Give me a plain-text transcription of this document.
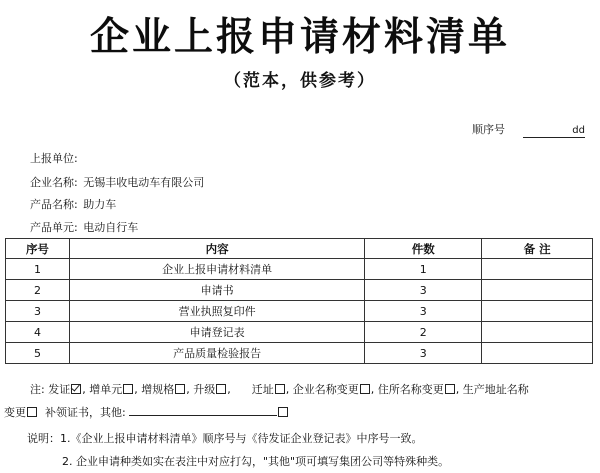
企业上报申请材料清单
（范本，供参考）
顺序号	dd
上报单位:
企业名称: 无锡丰收电动车有限公司
产品名称: 助力车
产品单元: 电动自行车
序号	内容	件数	备 注
1	企业上报申请材料清单	1	
2	申请书	3	
3	营业执照复印件	3	
4	申请登记表	2	
5	产品质量检验报告	3	
注: 发证 , 增单元 , 增规格 , 升级 ,      迁址 , 企业名称变更 , 住所名称变更 , 生产地址名称
变更 补领证书，其他:
说明：1.《企业上报申请材料清单》顺序号与《待发证企业登记表》中序号一致。
2. 企业申请种类如实在表注中对应打勾，"其他"项可填写集团公司等特殊种类。
